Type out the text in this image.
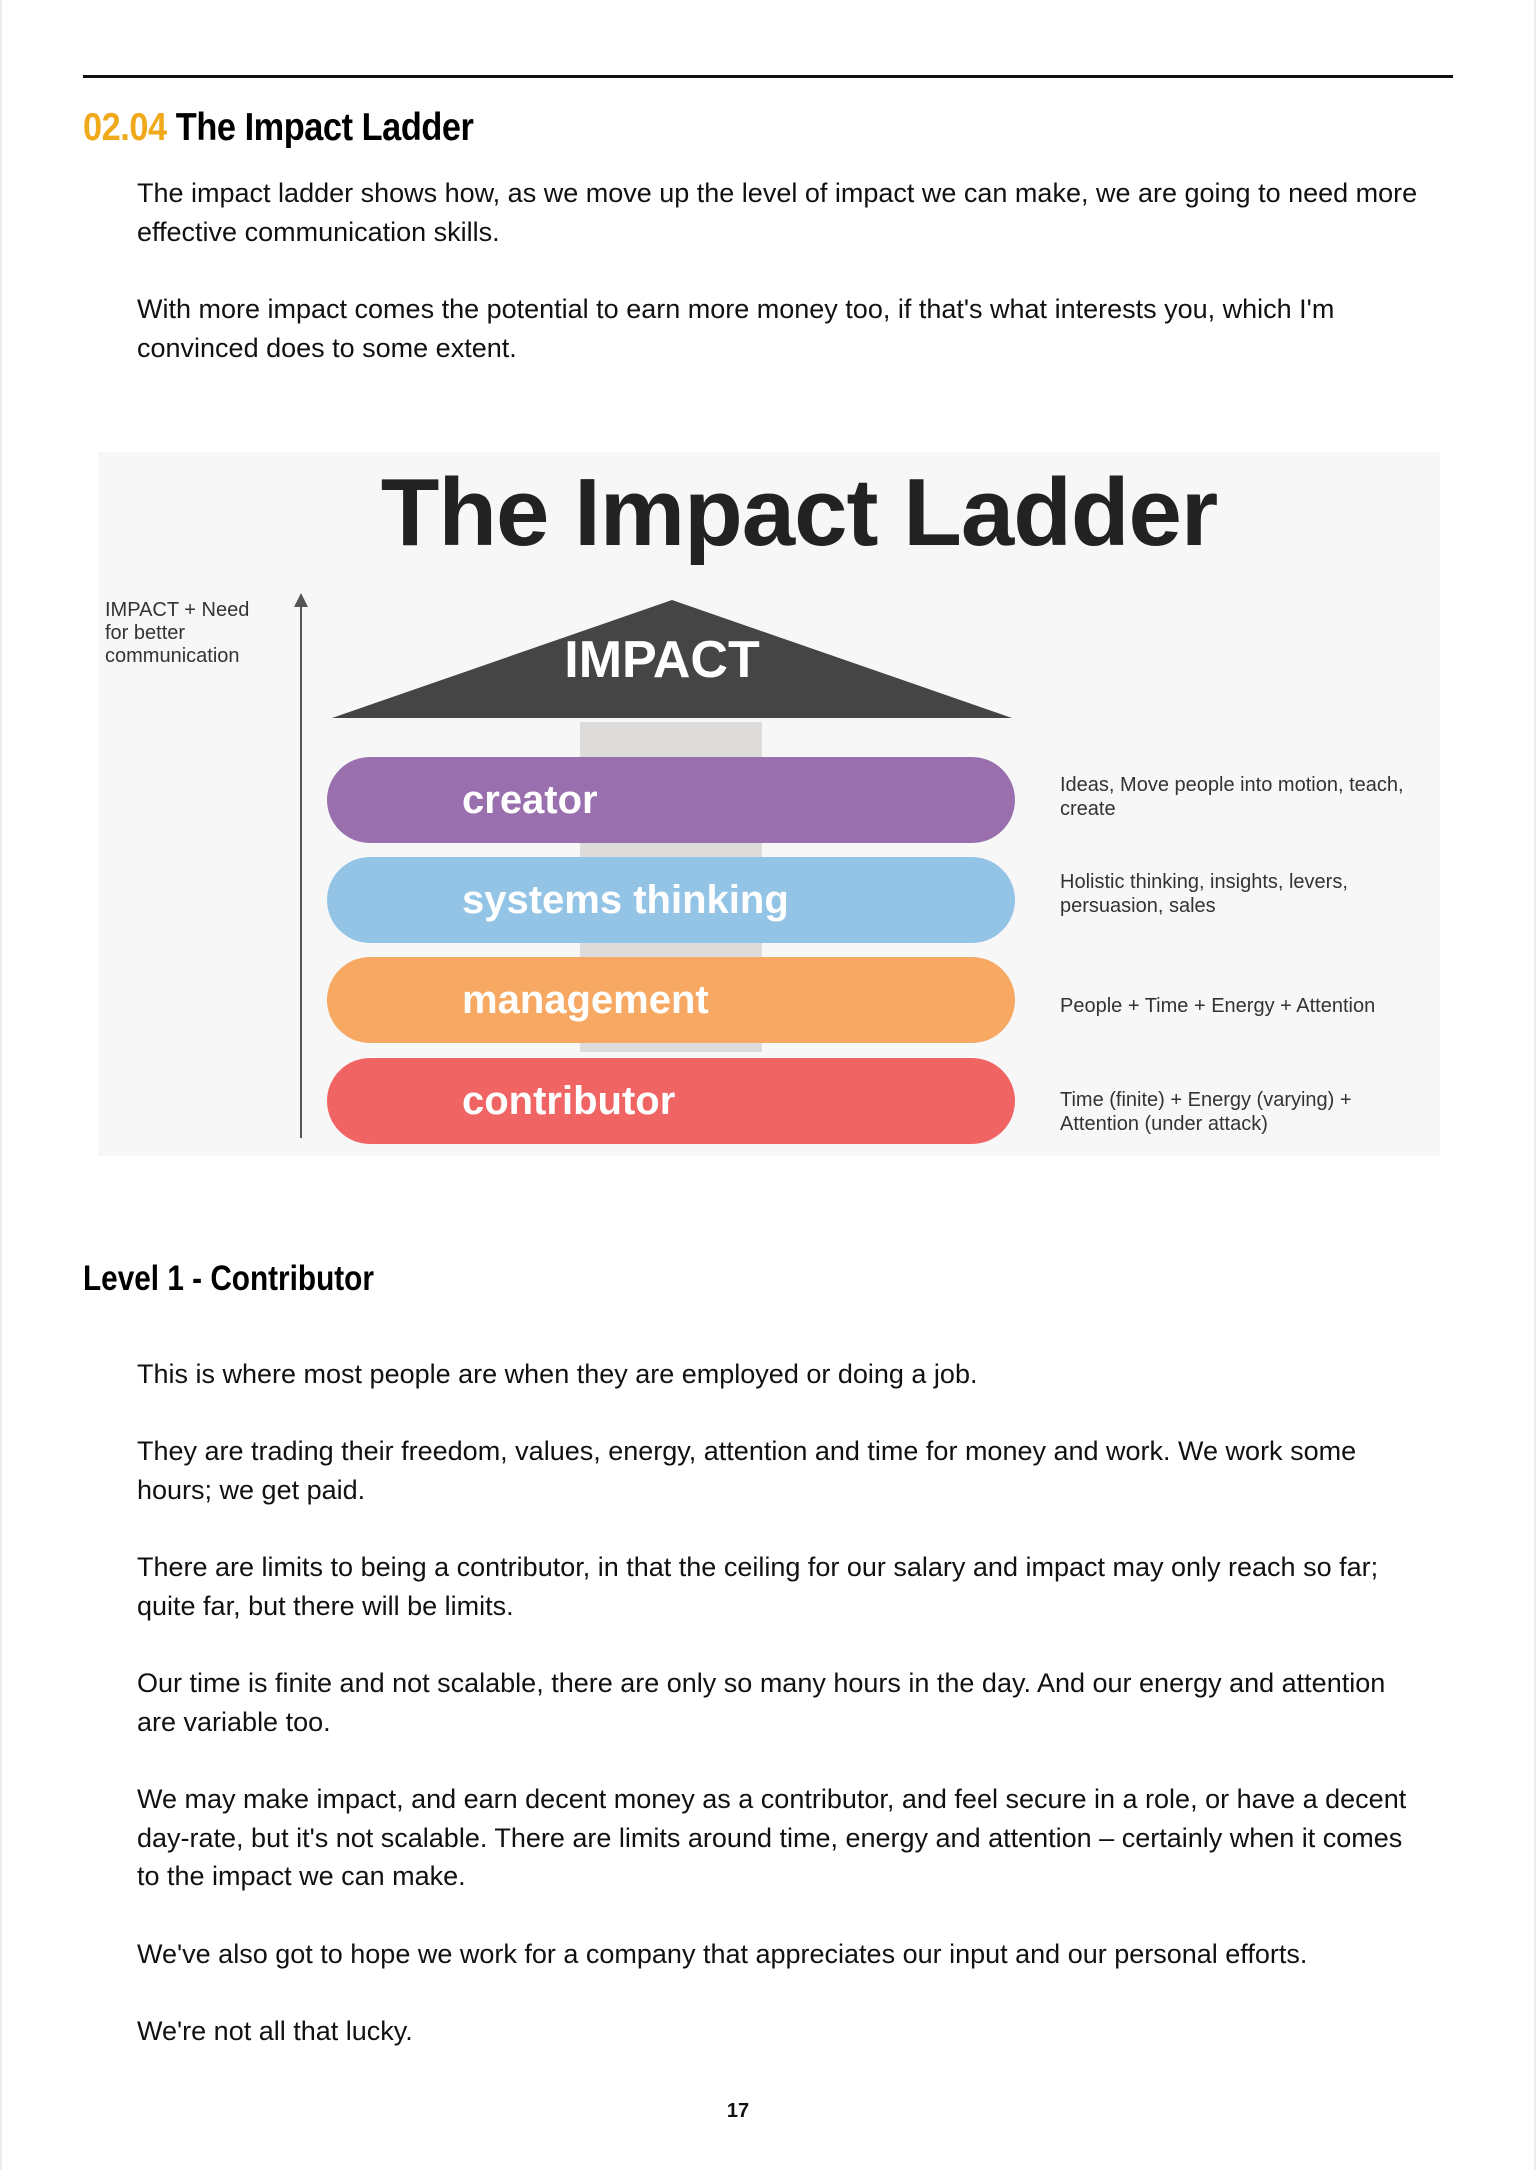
02.04 The Impact Ladder

The impact ladder shows how, as we move up the level of impact we can make, we are going to need more effective communication skills.

With more impact comes the potential to earn more money too, if that's what interests you, which I'm convinced does to some extent.

The Impact Ladder
IMPACT + Need for better communication	IMPACT
creator
systems thinking
management
contributor
Ideas, Move people into motion, teach, create
Holistic thinking, insights, levers, persuasion, sales
People + Time + Energy + Attention
Time (finite) + Energy (varying) + Attention (under attack)
Level 1 - Contributor

This is where most people are when they are employed or doing a job.

They are trading their freedom, values, energy, attention and time for money and work. We work some hours; we get paid.

There are limits to being a contributor, in that the ceiling for our salary and impact may only reach so far; quite far, but there will be limits.

Our time is finite and not scalable, there are only so many hours in the day. And our energy and attention are variable too.

We may make impact, and earn decent money as a contributor, and feel secure in a role, or have a decent day-rate, but it's not scalable. There are limits around time, energy and attention – certainly when it comes to the impact we can make.

We've also got to hope we work for a company that appreciates our input and our personal efforts.

We're not all that lucky.

17
